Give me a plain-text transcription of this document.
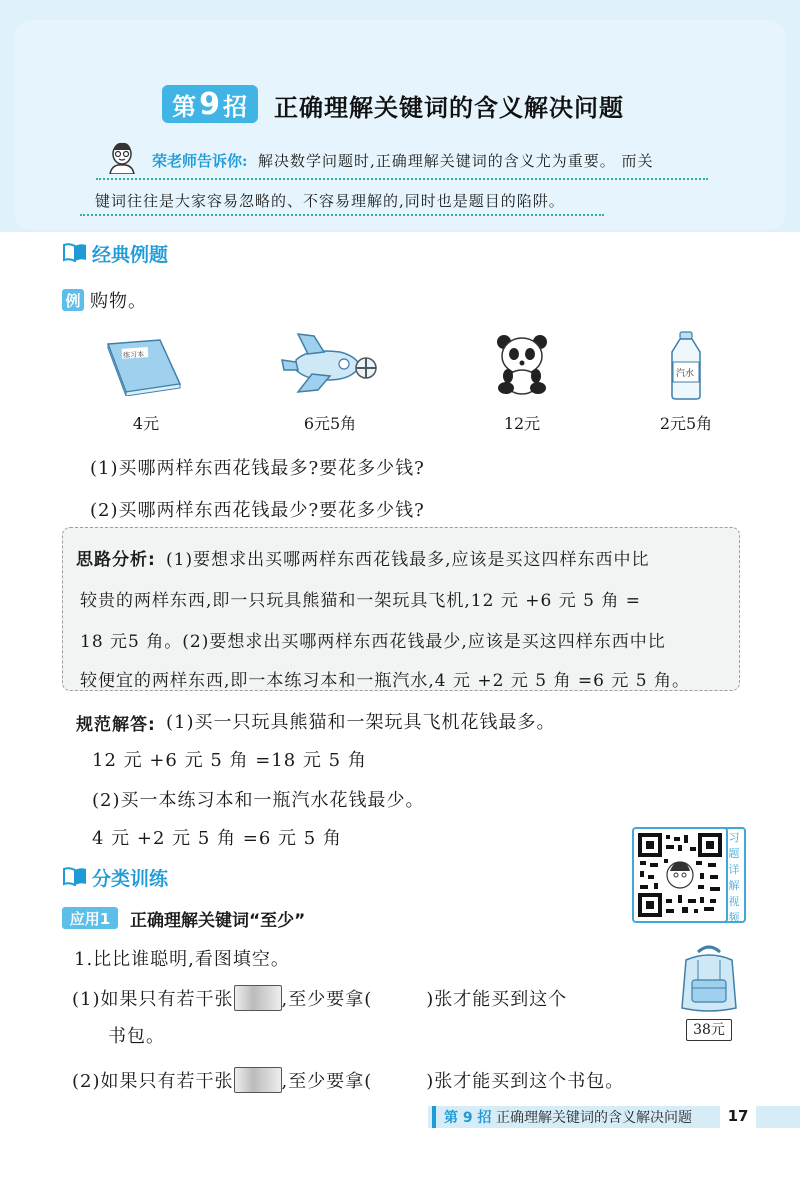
第 9 招 正确理解关键词的含义解决问题
荣老师告诉你: 解决数学问题时,正确理解关键词的含义尤为重要。 而关
键词往往是大家容易忽略的、不容易理解的,同时也是题目的陷阱。
经典例题
例 购物。
练习本
汽水
4元	6元5角	12元	2元5角
(1)买哪两样东西花钱最多?要花多少钱?
(2)买哪两样东西花钱最少?要花多少钱?
思路分析: (1)要想求出买哪两样东西花钱最多,应该是买这四样东西中比
较贵的两样东西,即一只玩具熊猫和一架玩具飞机,12 元 +6 元 5 角 =
18 元5 角。(2)要想求出买哪两样东西花钱最少,应该是买这四样东西中比
较便宜的两样东西,即一本练习本和一瓶汽水,4 元 +2 元 5 角 =6 元 5 角。
规范解答: (1)买一只玩具熊猫和一架玩具飞机花钱最多。
12 元 +6 元 5 角 =18 元 5 角
(2)买一本练习本和一瓶汽水花钱最少。
4 元 +2 元 5 角 =6 元 5 角	习
题
详
解
视
频
分类训练
应用1	正确理解关键词“至少”
1.比比谁聪明,看图填空。
(1)如果只有若干张	,至少要拿(	)张才能买到这个
书包。
(2)如果只有若干张	,至少要拿(	)张才能买到这个书包。
38元
第 9 招 正确理解关键词的含义解决问题	17
